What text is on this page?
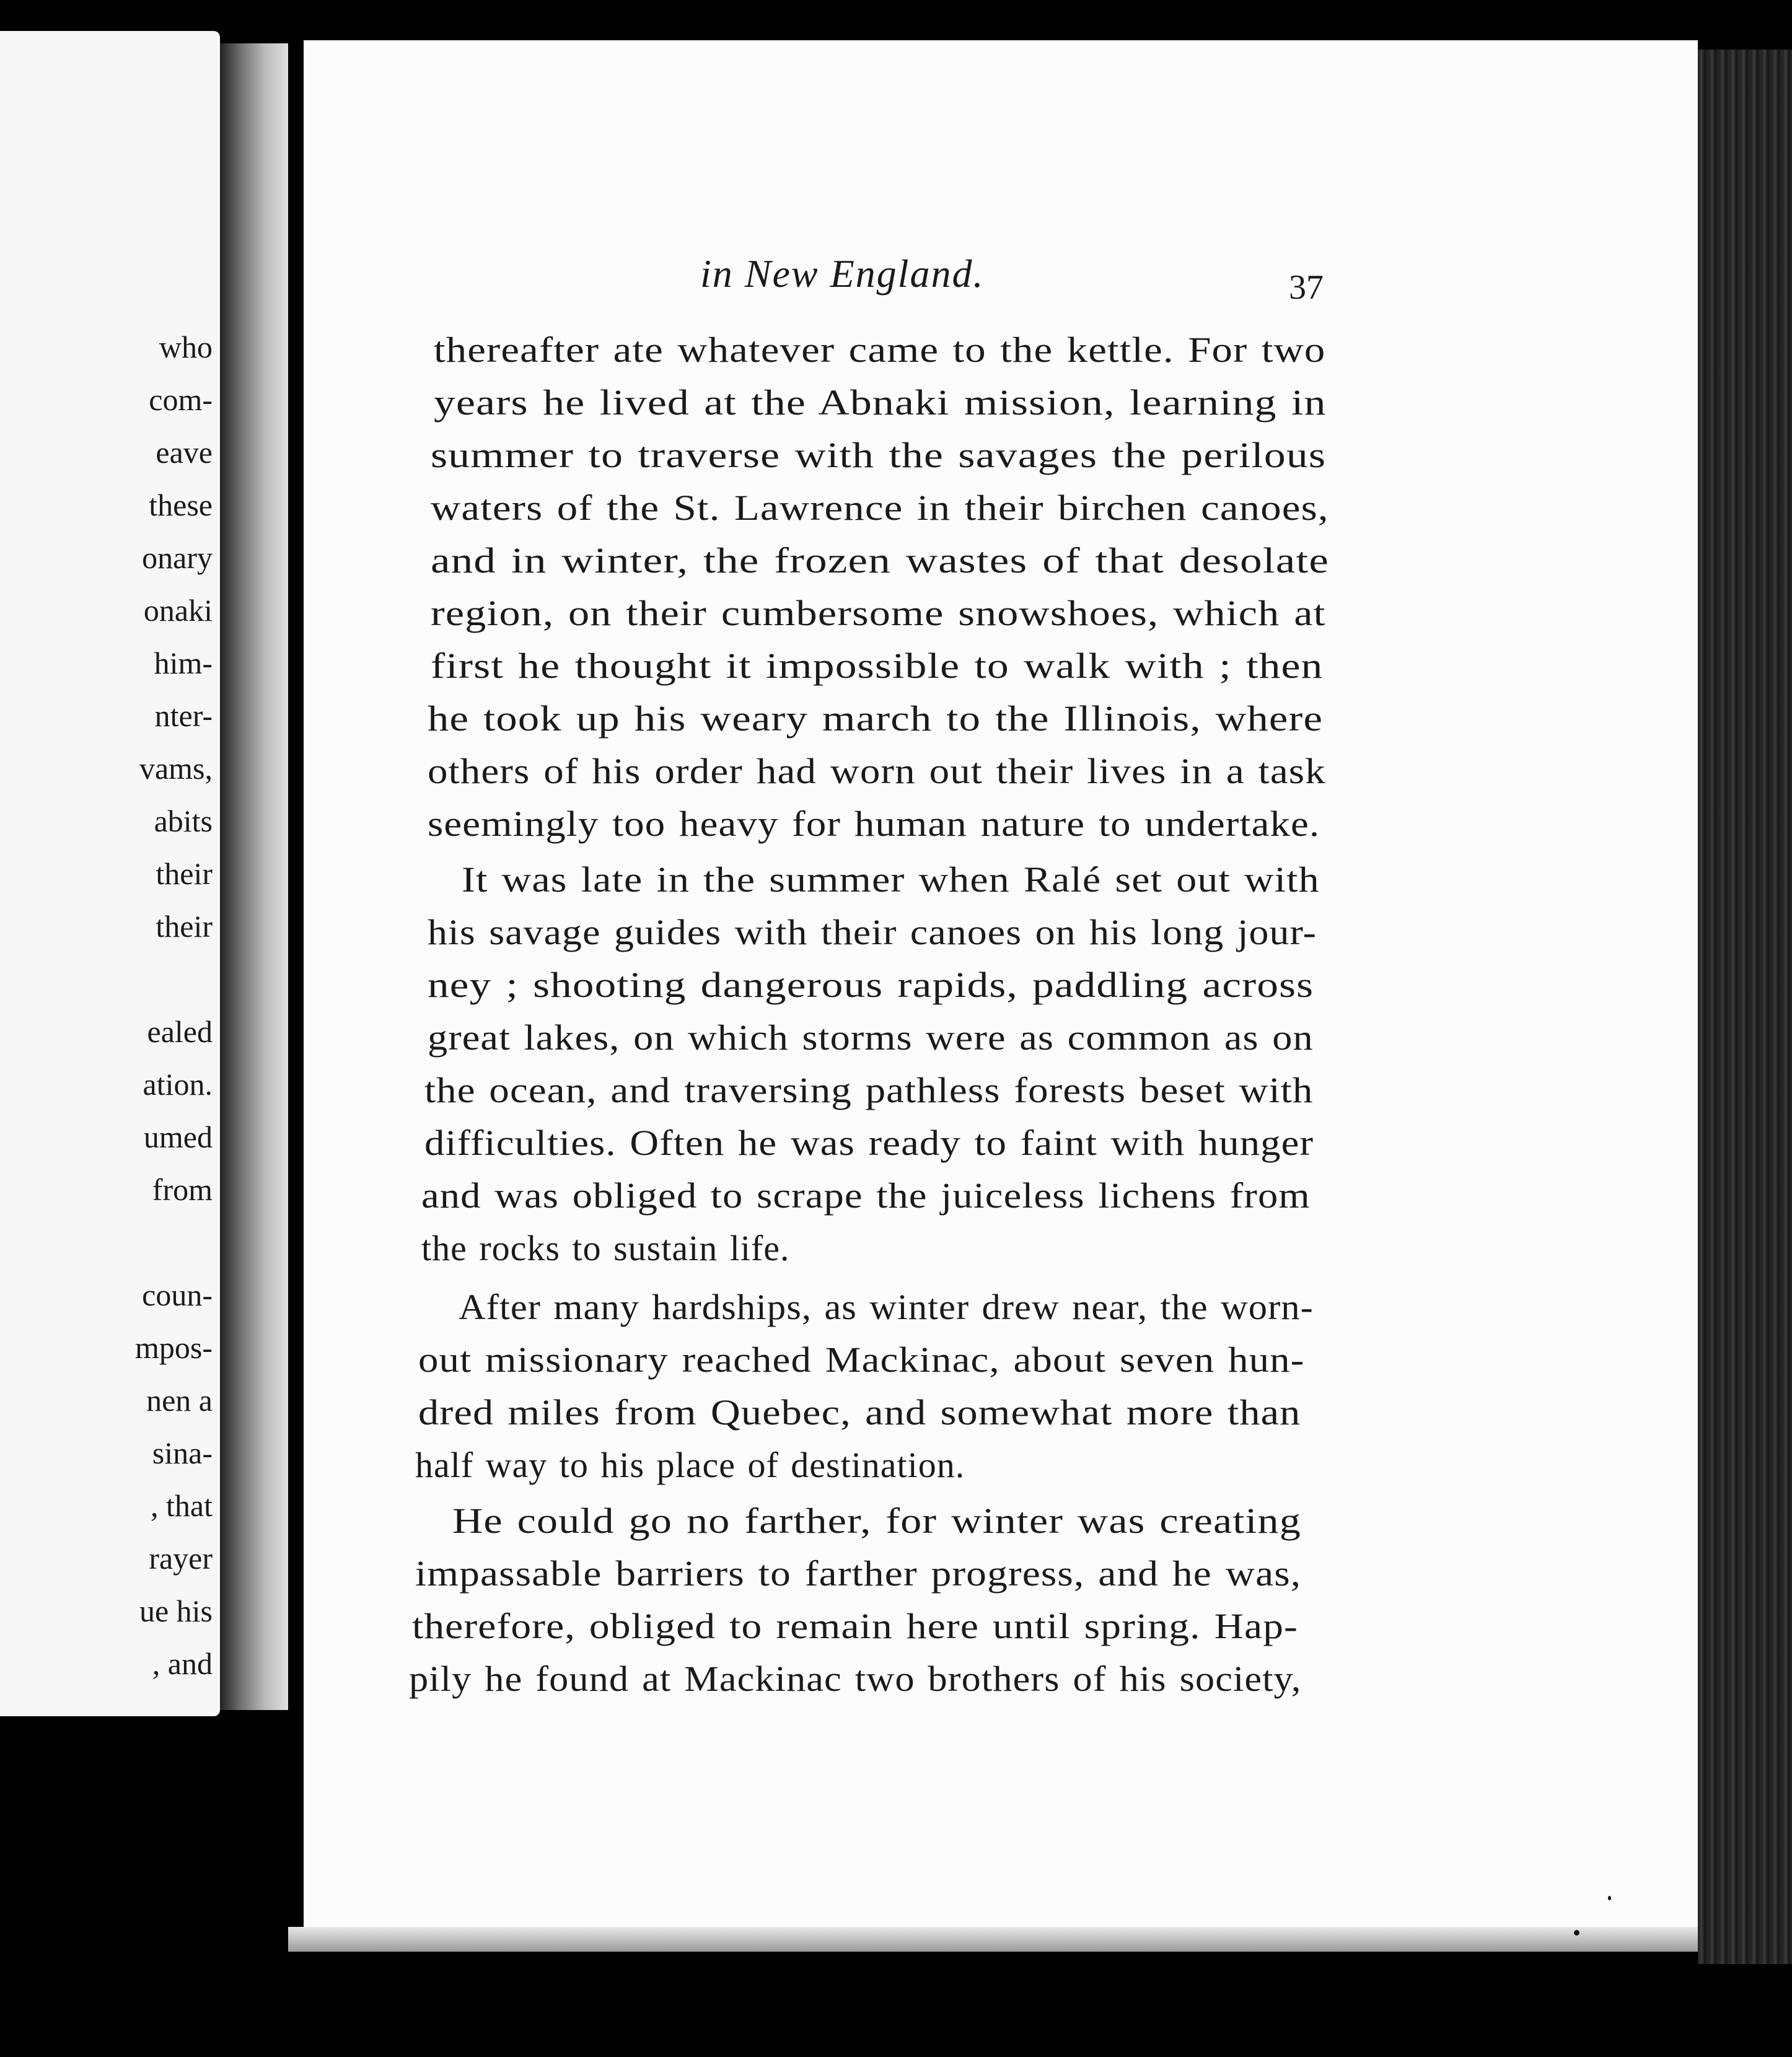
who
com-
eave
these
onary
onaki
him-
nter-
vams,
abits
their
their
ealed
ation.
umed
from
coun-
mpos-
nen a
sina-
, that
rayer
ue his
, and
in New England.	37
thereafter ate whatever came to the kettle. For two
years he lived at the Abnaki mission, learning in
summer to traverse with the savages the perilous
waters of the St. Lawrence in their birchen canoes,
and in winter, the frozen wastes of that desolate
region, on their cumbersome snowshoes, which at
first he thought it impossible to walk with ; then
he took up his weary march to the Illinois, where
others of his order had worn out their lives in a task
seemingly too heavy for human nature to undertake.
It was late in the summer when Ralé set out with
his savage guides with their canoes on his long jour-
ney ; shooting dangerous rapids, paddling across
great lakes, on which storms were as common as on
the ocean, and traversing pathless forests beset with
difficulties. Often he was ready to faint with hunger
and was obliged to scrape the juiceless lichens from
the rocks to sustain life.
After many hardships, as winter drew near, the worn-
out missionary reached Mackinac, about seven hun-
dred miles from Quebec, and somewhat more than
half way to his place of destination.
He could go no farther, for winter was creating
impassable barriers to farther progress, and he was,
therefore, obliged to remain here until spring. Hap-
pily he found at Mackinac two brothers of his society,
